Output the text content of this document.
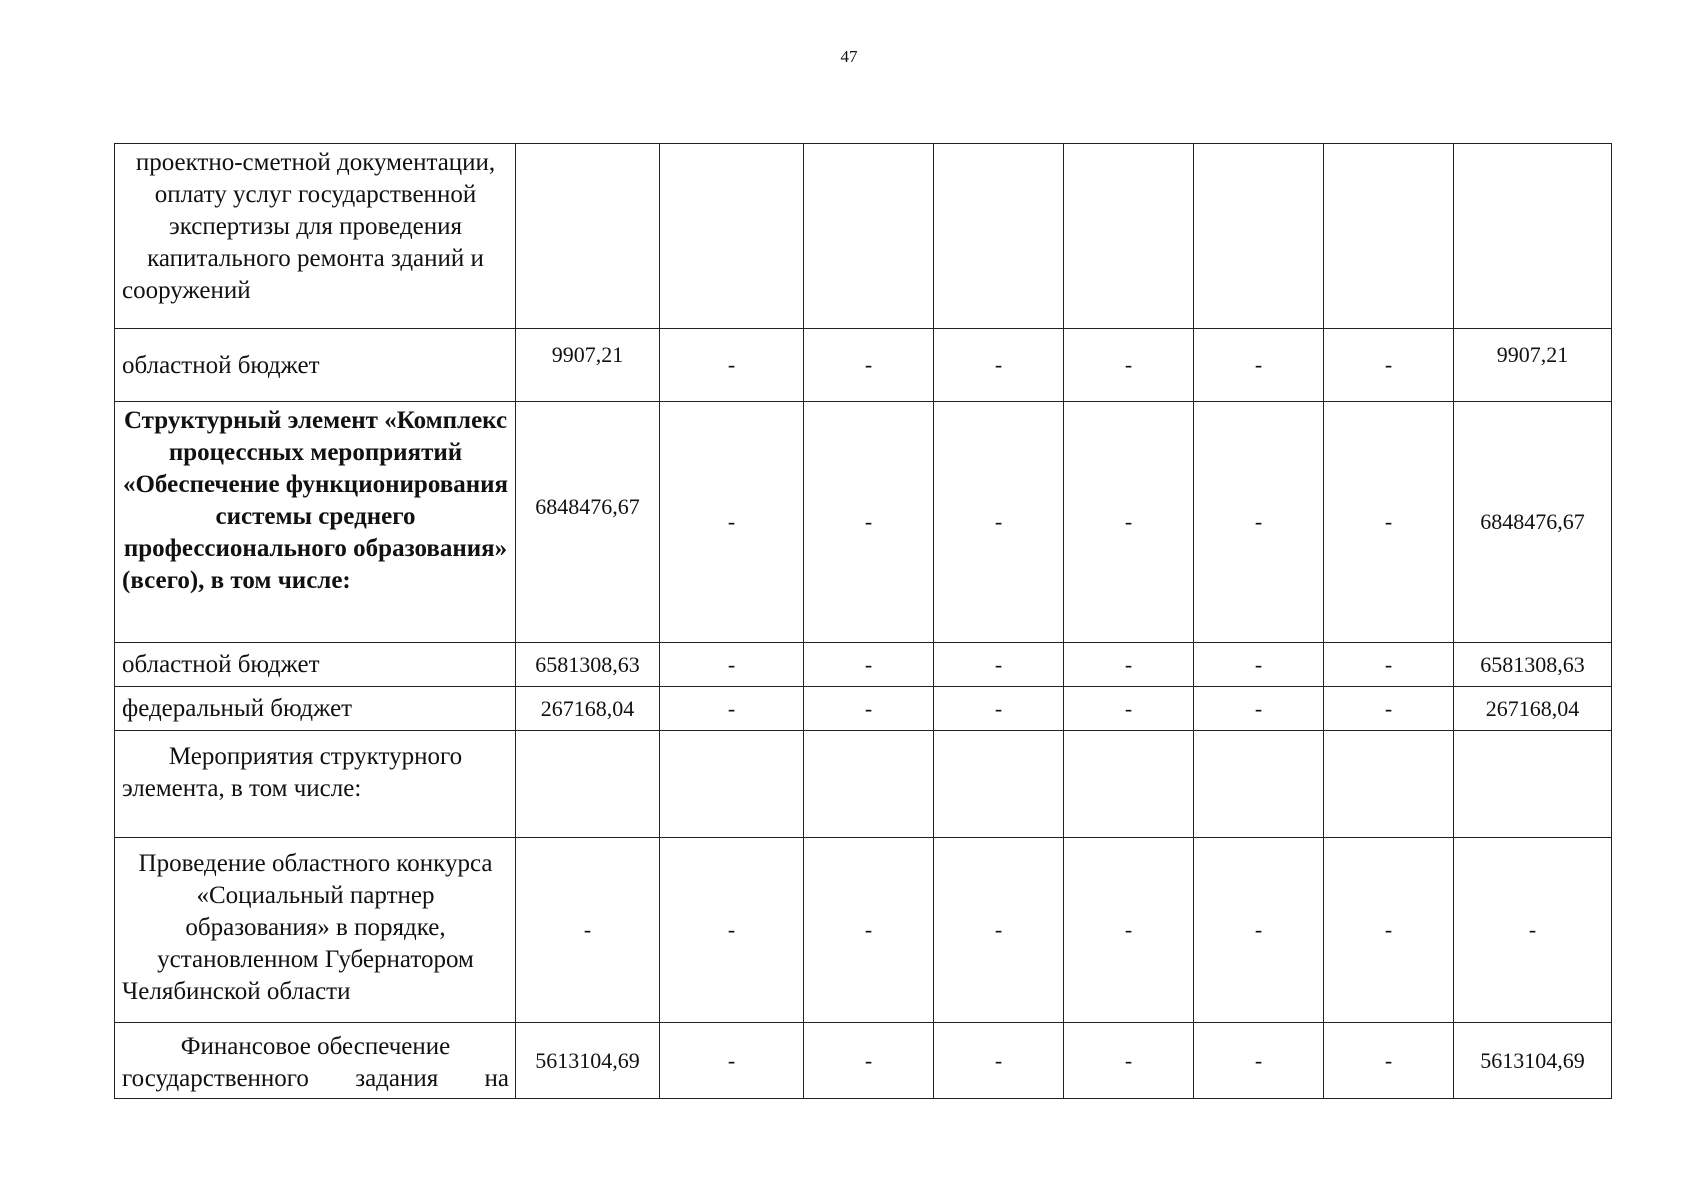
47
проектно-сметной документации, оплату услуг государственной экспертизы для проведения капитального ремонта зданий и сооружений								
областной бюджет	9907,21	-	-	-	-	-	-	9907,21
Структурный элемент «Комплекс процессных мероприятий «Обеспечение функционирования системы среднего профессионального образования» (всего), в том числе:	6848476,67	-	-	-	-	-	-	6848476,67
областной бюджет	6581308,63	-	-	-	-	-	-	6581308,63
федеральный бюджет	267168,04	-	-	-	-	-	-	267168,04
Мероприятия структурного элемента, в том числе:								
Проведение областного конкурса «Социальный партнер образования» в порядке, установленном Губернатором Челябинской области	-	-	-	-	-	-	-	-
Финансовое обеспечение государственного задания на	5613104,69	-	-	-	-	-	-	5613104,69
